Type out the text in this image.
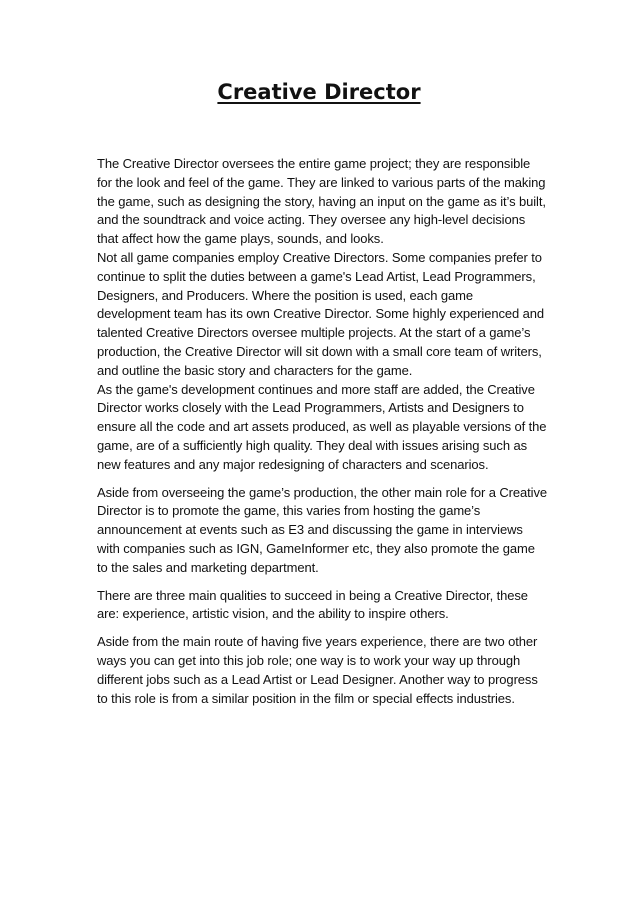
Creative Director

The Creative Director oversees the entire game project; they are responsible for the look and feel of the game. They are linked to various parts of the making the game, such as designing the story, having an input on the game as it’s built, and the soundtrack and voice acting. They oversee any high-level decisions that affect how the game plays, sounds, and looks.

Not all game companies employ Creative Directors. Some companies prefer to continue to split the duties between a game's Lead Artist, Lead Programmers, Designers, and Producers. Where the position is used, each game development team has its own Creative Director. Some highly experienced and talented Creative Directors oversee multiple projects. At the start of a game’s production, the Creative Director will sit down with a small core team of writers, and outline the basic story and characters for the game.

As the game's development continues and more staff are added, the Creative Director works closely with the Lead Programmers, Artists and Designers to ensure all the code and art assets produced, as well as playable versions of the game, are of a sufficiently high quality. They deal with issues arising such as new features and any major redesigning of characters and scenarios.

Aside from overseeing the game’s production, the other main role for a Creative Director is to promote the game, this varies from hosting the game’s announcement at events such as E3 and discussing the game in interviews with companies such as IGN, GameInformer etc, they also promote the game to the sales and marketing department.

There are three main qualities to succeed in being a Creative Director, these are: experience, artistic vision, and the ability to inspire others.

Aside from the main route of having five years experience, there are two other ways you can get into this job role; one way is to work your way up through different jobs such as a Lead Artist or Lead Designer. Another way to progress to this role is from a similar position in the film or special effects industries.
